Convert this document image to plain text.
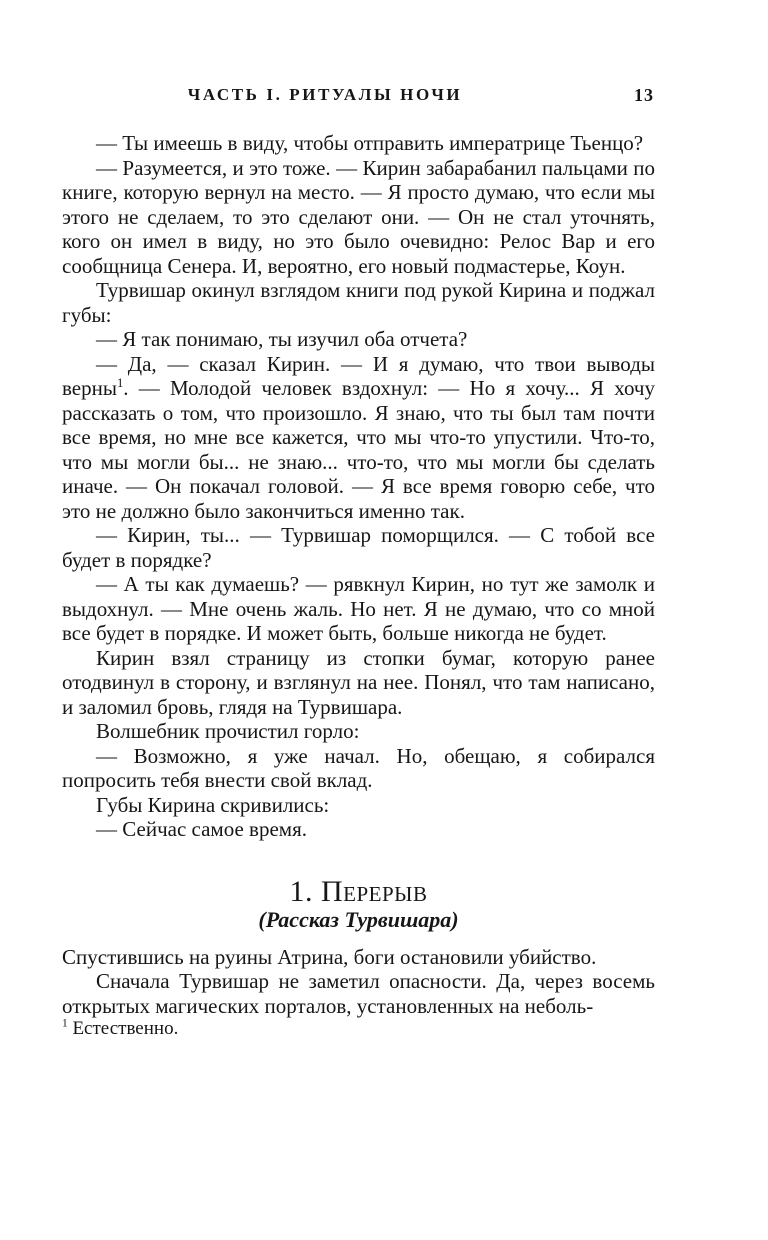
ЧАСТЬ I. РИТУАЛЫ НОЧИ	13

— Ты имеешь в виду, чтобы отправить императрице Тьенцо?

— Разумеется, и это тоже. — Кирин забарабанил пальцами по книге, которую вернул на место. — Я просто думаю, что если мы этого не сделаем, то это сделают они. — Он не стал уточнять, кого он имел в виду, но это было очевидно: Релос Вар и его сообщница Сенера. И, вероятно, его новый подмастерье, Коун.

Турвишар окинул взглядом книги под рукой Кирина и поджал губы:

— Я так понимаю, ты изучил оба отчета?

— Да, — сказал Кирин. — И я думаю, что твои выводы верны$^1$. — Молодой человек вздохнул: — Но я хочу... Я хочу рассказать о том, что произошло. Я знаю, что ты был там почти все время, но мне все кажется, что мы что-то упустили. Что-то, что мы могли бы... не знаю... что-то, что мы могли бы сделать иначе. — Он покачал головой. — Я все время говорю себе, что это не должно было закончиться именно так.

— Кирин, ты... — Турвишар поморщился. — С тобой все будет в порядке?

— А ты как думаешь? — рявкнул Кирин, но тут же замолк и выдохнул. — Мне очень жаль. Но нет. Я не думаю, что со мной все будет в порядке. И может быть, больше никогда не будет.

Кирин взял страницу из стопки бумаг, которую ранее отодвинул в сторону, и взглянул на нее. Понял, что там написано, и заломил бровь, глядя на Турвишара.

Волшебник прочистил горло:

— Возможно, я уже начал. Но, обещаю, я собирался попросить тебя внести свой вклад.

Губы Кирина скривились:

— Сейчас самое время.

1. Перерыв

(Рассказ Турвишара)

Спустившись на руины Атрина, боги остановили убийство.

Сначала Турвишар не заметил опасности. Да, через восемь открытых магических порталов, установленных на неболь-

$^1$ Естественно.
